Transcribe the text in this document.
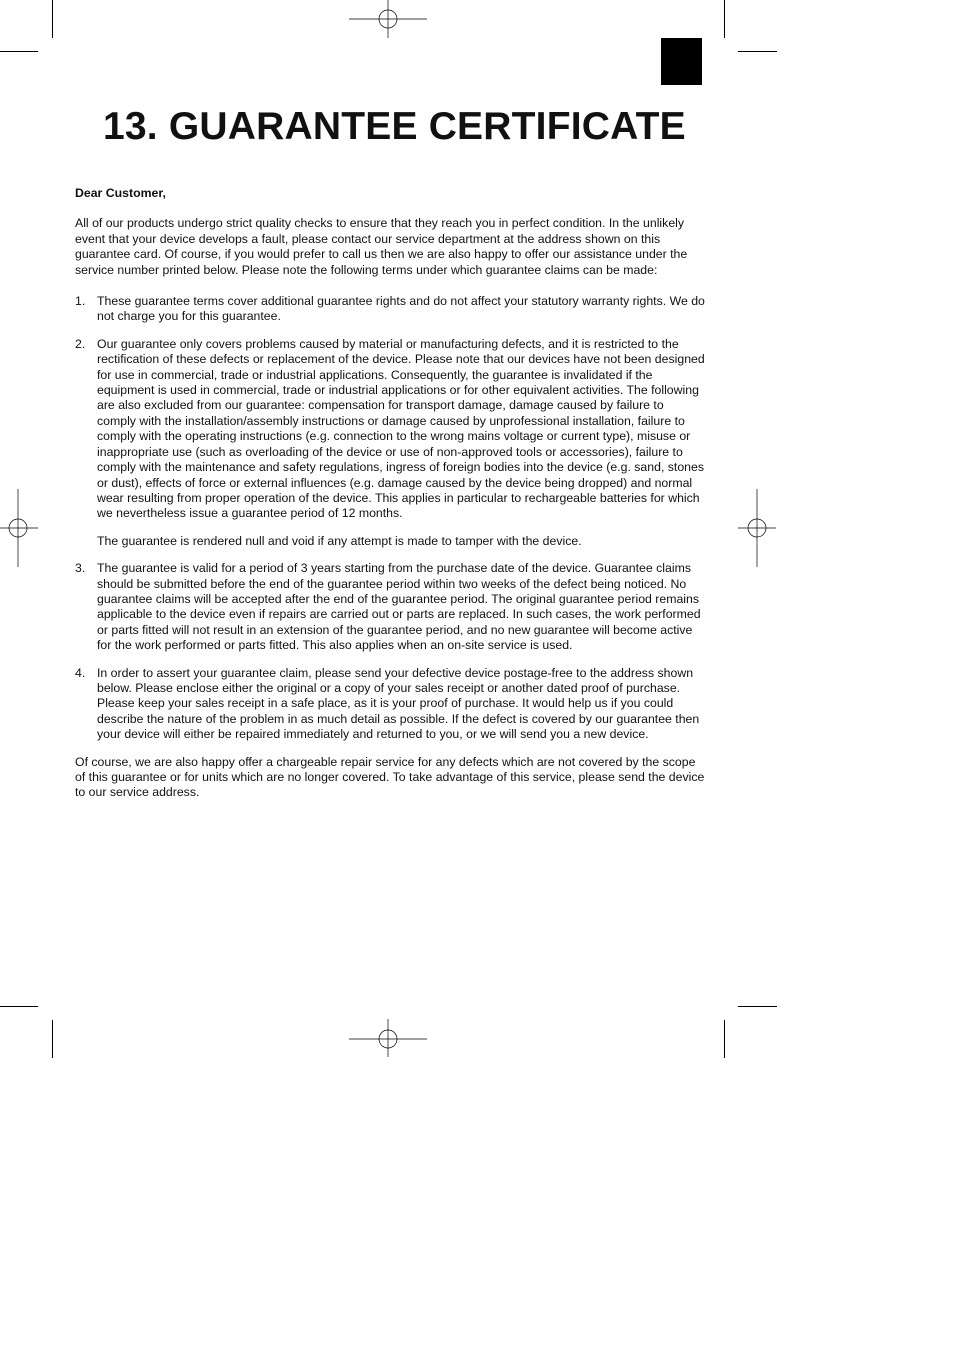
13. GUARANTEE CERTIFICATE

Dear Customer,

All of our products undergo strict quality checks to ensure that they reach you in perfect condition. In the unlikely event that your device develops a fault, please contact our service department at the address shown on this guarantee card. Of course, if you would prefer to call us then we are also happy to offer our assistance under the service number printed below. Please note the following terms under which guarantee claims can be made:

1. These guarantee terms cover additional guarantee rights and do not affect your statutory warranty rights. We do not charge you for this guarantee.

2. Our guarantee only covers problems caused by material or manufacturing defects, and it is restricted to the rectification of these defects or replacement of the device. Please note that our devices have not been designed for use in commercial, trade or industrial applications. Consequently, the guarantee is invalidated if the equipment is used in commercial, trade or industrial applications or for other equivalent activities. The following are also excluded from our guarantee: compensation for transport damage, damage caused by failure to comply with the installation/assembly instructions or damage caused by unprofessional installation, failure to comply with the operating instructions (e.g. connection to the wrong mains voltage or current type), misuse or inappropriate use (such as overloading of the device or use of non-approved tools or accessories), failure to comply with the maintenance and safety regulations, ingress of foreign bodies into the device (e.g. sand, stones or dust), effects of force or external influences (e.g. damage caused by the device being dropped) and normal wear resulting from proper operation of the device. This applies in particular to rechargeable batteries for which we nevertheless issue a guarantee period of 12 months.

The guarantee is rendered null and void if any attempt is made to tamper with the device.

3. The guarantee is valid for a period of 3 years starting from the purchase date of the device. Guarantee claims should be submitted before the end of the guarantee period within two weeks of the defect being noticed. No guarantee claims will be accepted after the end of the guarantee period. The original guarantee period remains applicable to the device even if repairs are carried out or parts are replaced. In such cases, the work performed or parts fitted will not result in an extension of the guarantee period, and no new guarantee will become active for the work performed or parts fitted. This also applies when an on-site service is used.

4. In order to assert your guarantee claim, please send your defective device postage-free to the address shown below. Please enclose either the original or a copy of your sales receipt or another dated proof of purchase. Please keep your sales receipt in a safe place, as it is your proof of purchase. It would help us if you could describe the nature of the problem in as much detail as possible. If the defect is covered by our guarantee then your device will either be repaired immediately and returned to you, or we will send you a new device.

Of course, we are also happy offer a chargeable repair service for any defects which are not covered by the scope of this guarantee or for units which are no longer covered. To take advantage of this service, please send the device to our service address.
